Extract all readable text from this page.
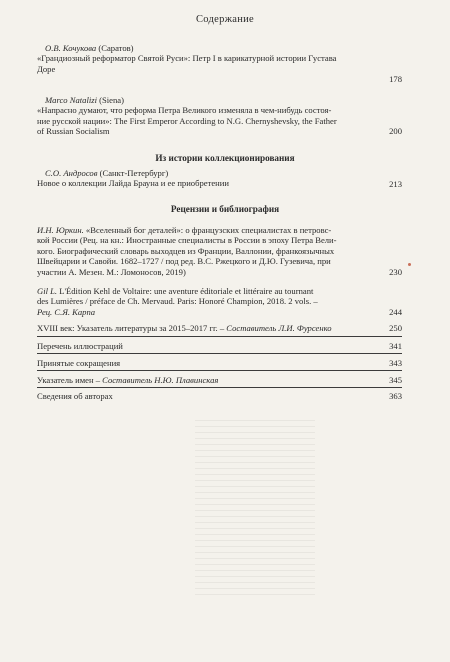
Содержание
О.В. Кочукова (Саратов)
«Грандиозный реформатор Святой Руси»: Петр I в карикатурной истории Густава
Доре
178
Marco Natalizi (Siena)
«Напрасно думают, что реформа Петра Великого изменяла в чем-нибудь состоя-
ние русской нации»: The First Emperor According to N.G. Chernyshevsky, the Father
of Russian Socialism	200
Из истории коллекционирования
С.О. Андросов (Санкт-Петербург)
Новое о коллекции Лайда Брауна и ее приобретении	213
Рецензии и библиография
И.Н. Юркин. «Вселенный бог деталей»: о французских специалистах в петровс-
кой России (Рец. на кн.: Иностранные специалисты в России в эпоху Петра Вели-
кого. Биографический словарь выходцев из Франции, Валлонии, франкоязычных
Швейцарии и Савойи. 1682–1727 / под ред. В.С. Ржецкого и Д.Ю. Гузевича, при
участии А. Мезен. М.: Ломоносов, 2019)	230
Gil L. L'Édition Kehl de Voltaire: une aventure éditoriale et littéraire au tournant
des Lumières / préface de Ch. Mervaud. Paris: Honoré Champion, 2018. 2 vols. –
Рец. С.Я. Карпа	244
XVIII век: Указатель литературы за 2015–2017 гг. – Составитель Л.И. Фурсенко	250
Перечень иллюстраций	341
Принятые сокращения	343
Указатель имен – Составитель Н.Ю. Плавинская	345
Сведения об авторах	363
